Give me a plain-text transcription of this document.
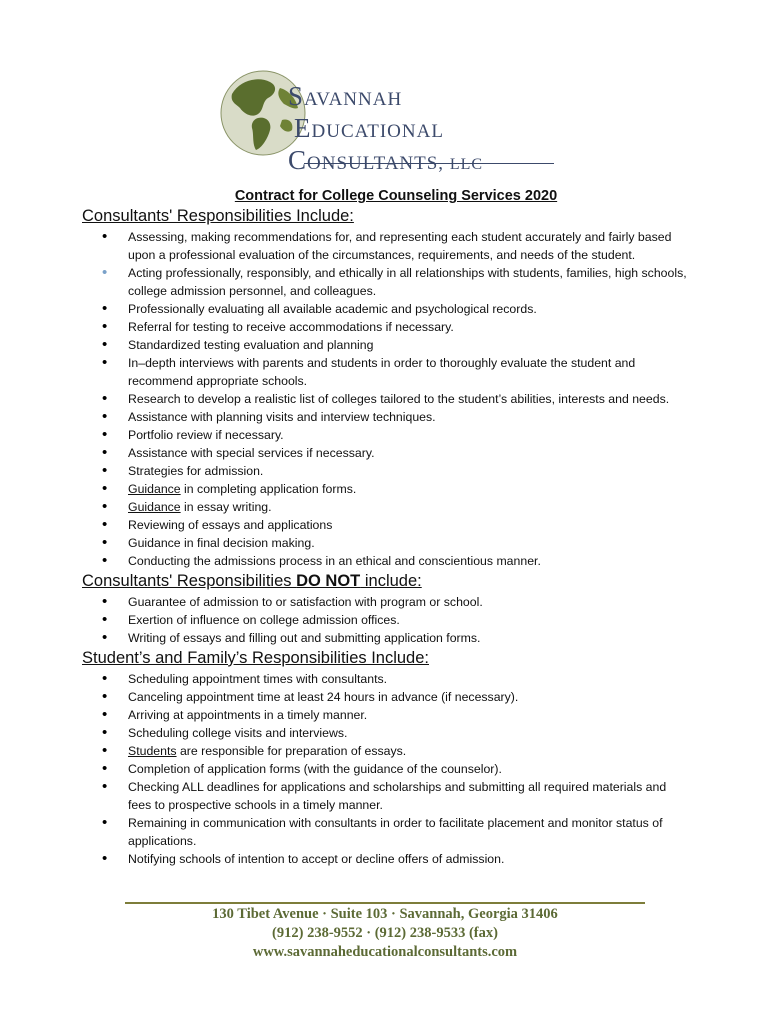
SAVANNAH
EDUCATIONAL
CONSULTANTS, LLC
Contract for College Counseling Services 2020
Consultants' Responsibilities Include:
• Assessing, making recommendations for, and representing each student accurately and fairly based upon a professional evaluation of the circumstances, requirements, and needs of the student.
• Acting professionally, responsibly, and ethically in all relationships with students, families, high schools, college admission personnel, and colleagues.
• Professionally evaluating all available academic and psychological records.
• Referral for testing to receive accommodations if necessary.
• Standardized testing evaluation and planning
• In–depth interviews with parents and students in order to thoroughly evaluate the student and recommend appropriate schools.
• Research to develop a realistic list of colleges tailored to the student’s abilities, interests and needs.
• Assistance with planning visits and interview techniques.
• Portfolio review if necessary.
• Assistance with special services if necessary.
• Strategies for admission.
• Guidance in completing application forms.
• Guidance in essay writing.
• Reviewing of essays and applications
• Guidance in final decision making.
• Conducting the admissions process in an ethical and conscientious manner.
Consultants' Responsibilities DO NOT include:
• Guarantee of admission to or satisfaction with program or school.
• Exertion of influence on college admission offices.
• Writing of essays and filling out and submitting application forms.
Student’s and Family’s Responsibilities Include:
• Scheduling appointment times with consultants.
• Canceling appointment time at least 24 hours in advance (if necessary).
• Arriving at appointments in a timely manner.
• Scheduling college visits and interviews.
• Students are responsible for preparation of essays.
• Completion of application forms (with the guidance of the counselor).
• Checking ALL deadlines for applications and scholarships and submitting all required materials and fees to prospective schools in a timely manner.
• Remaining in communication with consultants in order to facilitate placement and monitor status of applications.
• Notifying schools of intention to accept or decline offers of admission.
130 Tibet Avenue · Suite 103 · Savannah, Georgia 31406
(912) 238-9552 · (912) 238-9533 (fax)
www.savannaheducationalconsultants.com
